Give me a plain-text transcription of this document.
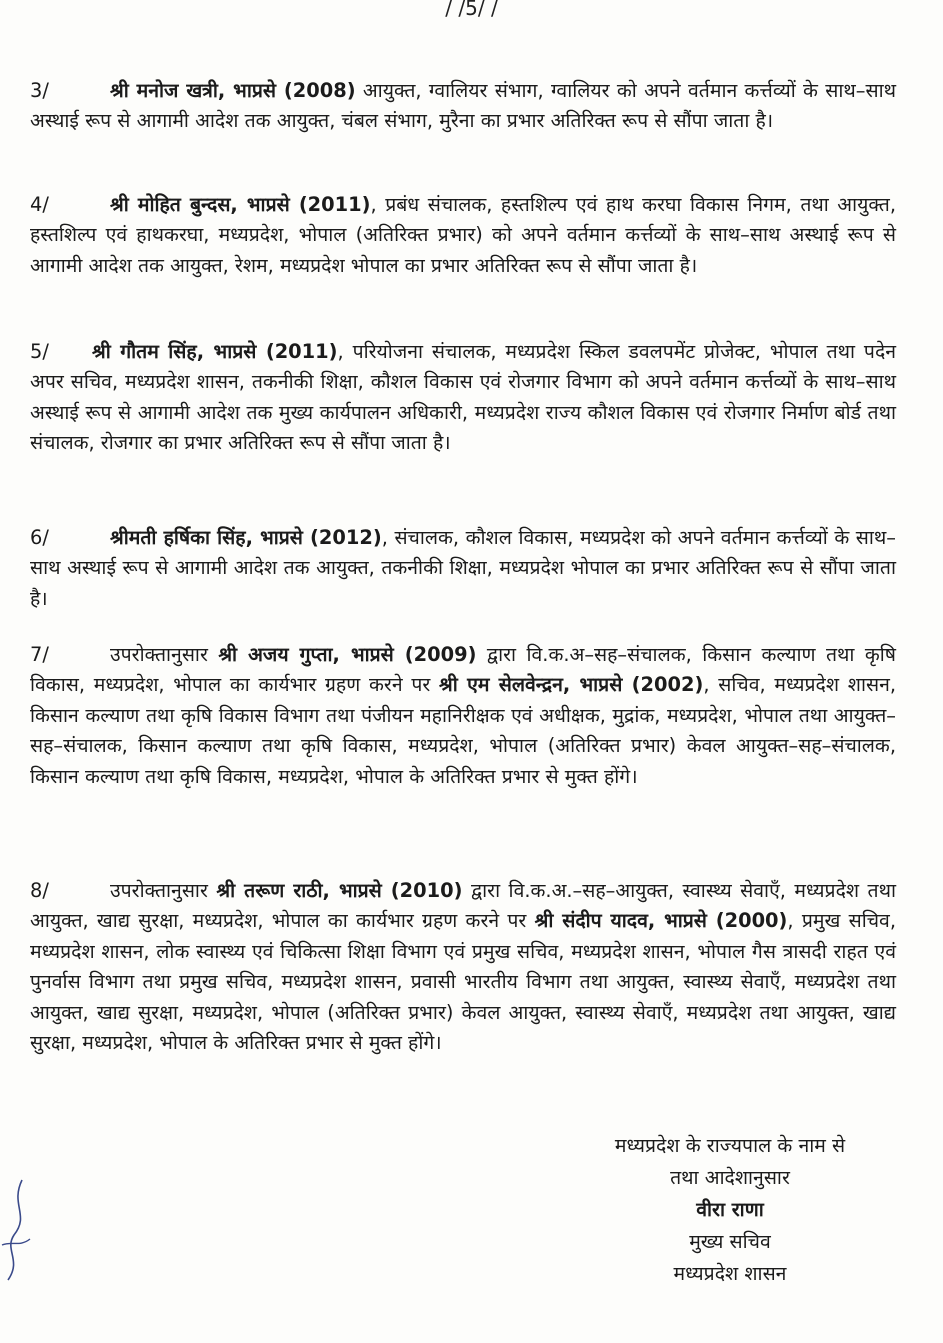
/ /5/ /

3/	श्री मनोज खत्री, भाप्रसे (2008) आयुक्त, ग्वालियर संभाग, ग्वालियर को अपने वर्तमान कर्त्तव्यों के साथ–साथ अस्थाई रूप से आगामी आदेश तक आयुक्त, चंबल संभाग, मुरैना का प्रभार अतिरिक्त रूप से सौंपा जाता है।

4/	श्री मोहित बुन्दस, भाप्रसे (2011), प्रबंध संचालक, हस्तशिल्प एवं हाथ करघा विकास निगम, तथा आयुक्त, हस्तशिल्प एवं हाथकरघा, मध्यप्रदेश, भोपाल (अतिरिक्त प्रभार) को अपने वर्तमान कर्त्तव्यों के साथ–साथ अस्थाई रूप से आगामी आदेश तक आयुक्त, रेशम, मध्यप्रदेश भोपाल का प्रभार अतिरिक्त रूप से सौंपा जाता है।

5/ श्री गौतम सिंह, भाप्रसे (2011), परियोजना संचालक, मध्यप्रदेश स्किल डवलपमेंट प्रोजेक्ट, भोपाल तथा पदेन अपर सचिव, मध्यप्रदेश शासन, तकनीकी शिक्षा, कौशल विकास एवं रोजगार विभाग को अपने वर्तमान कर्त्तव्यों के साथ–साथ अस्थाई रूप से आगामी आदेश तक मुख्य कार्यपालन अधिकारी, मध्यप्रदेश राज्य कौशल विकास एवं रोजगार निर्माण बोर्ड तथा संचालक, रोजगार का प्रभार अतिरिक्त रूप से सौंपा जाता है।

6/	श्रीमती हर्षिका सिंह, भाप्रसे (2012), संचालक, कौशल विकास, मध्यप्रदेश को अपने वर्तमान कर्त्तव्यों के साथ–साथ अस्थाई रूप से आगामी आदेश तक आयुक्त, तकनीकी शिक्षा, मध्यप्रदेश भोपाल का प्रभार अतिरिक्त रूप से सौंपा जाता है।

7/	उपरोक्तानुसार श्री अजय गुप्ता, भाप्रसे (2009) द्वारा वि.क.अ–सह–संचालक, किसान कल्याण तथा कृषि विकास, मध्यप्रदेश, भोपाल का कार्यभार ग्रहण करने पर श्री एम सेलवेन्द्रन, भाप्रसे (2002), सचिव, मध्यप्रदेश शासन, किसान कल्याण तथा कृषि विकास विभाग तथा पंजीयन महानिरीक्षक एवं अधीक्षक, मुद्रांक, मध्यप्रदेश, भोपाल तथा आयुक्त–सह–संचालक, किसान कल्याण तथा कृषि विकास, मध्यप्रदेश, भोपाल (अतिरिक्त प्रभार) केवल आयुक्त–सह–संचालक, किसान कल्याण तथा कृषि विकास, मध्यप्रदेश, भोपाल के अतिरिक्त प्रभार से मुक्त होंगे।

8/	उपरोक्तानुसार श्री तरूण राठी, भाप्रसे (2010) द्वारा वि.क.अ.–सह–आयुक्त, स्वास्थ्य सेवाएँ, मध्यप्रदेश तथा आयुक्त, खाद्य सुरक्षा, मध्यप्रदेश, भोपाल का कार्यभार ग्रहण करने पर श्री संदीप यादव, भाप्रसे (2000), प्रमुख सचिव, मध्यप्रदेश शासन, लोक स्वास्थ्य एवं चिकित्सा शिक्षा विभाग एवं प्रमुख सचिव, मध्यप्रदेश शासन, भोपाल गैस त्रासदी राहत एवं पुनर्वास विभाग तथा प्रमुख सचिव, मध्यप्रदेश शासन, प्रवासी भारतीय विभाग तथा आयुक्त, स्वास्थ्य सेवाएँ, मध्यप्रदेश तथा आयुक्त, खाद्य सुरक्षा, मध्यप्रदेश, भोपाल (अतिरिक्त प्रभार) केवल आयुक्त, स्वास्थ्य सेवाएँ, मध्यप्रदेश तथा आयुक्त, खाद्य सुरक्षा, मध्यप्रदेश, भोपाल के अतिरिक्त प्रभार से मुक्त होंगे।

मध्यप्रदेश के राज्यपाल के नाम से
तथा आदेशानुसार
वीरा राणा
मुख्य सचिव
मध्यप्रदेश शासन
